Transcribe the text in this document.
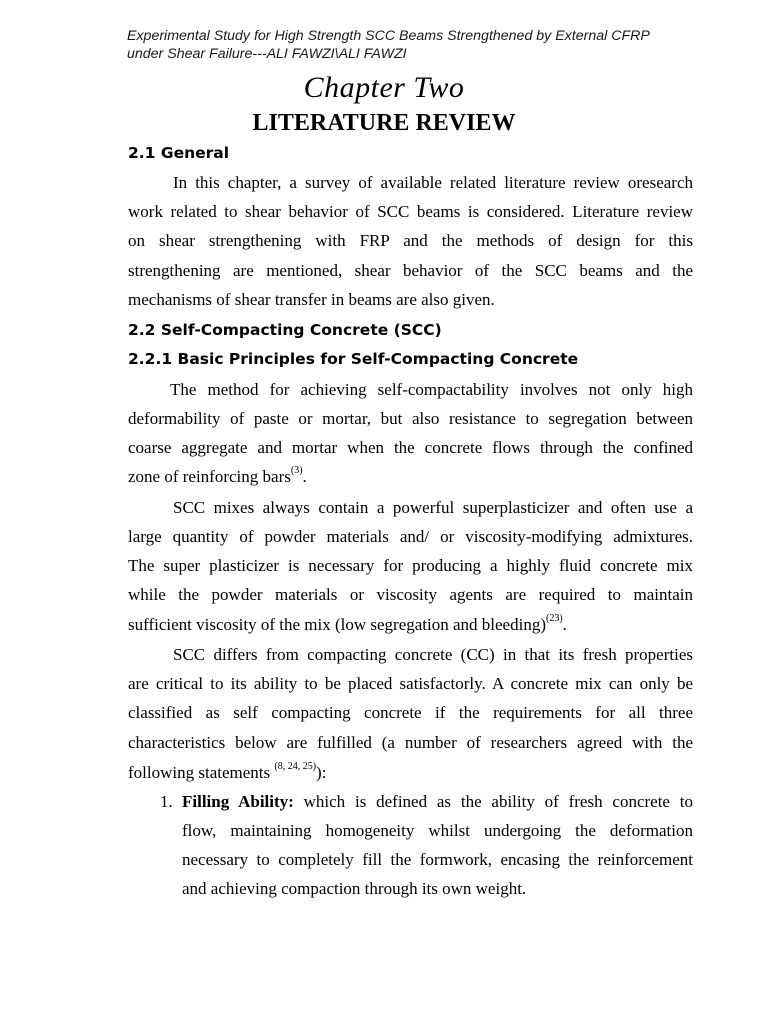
Experimental Study for High Strength SCC Beams Strengthened by External CFRP
under Shear Failure---ALI FAWZI\ALI FAWZI
Chapter Two
LITERATURE REVIEW
2.1 General
In this chapter, a survey of available related literature review oresearch
work related to shear behavior of SCC beams is considered. Literature review
on shear strengthening with FRP and the methods of design for this
strengthening are mentioned, shear behavior of the SCC beams and the
mechanisms of shear transfer in beams are also given.
2.2 Self-Compacting Concrete (SCC)
2.2.1 Basic Principles for Self-Compacting Concrete
The method for achieving self-compactability involves not only high
deformability of paste or mortar, but also resistance to segregation between
coarse aggregate and mortar when the concrete flows through the confined
zone of reinforcing bars$^{(3)}$.
SCC mixes always contain a powerful superplasticizer and often use a
large quantity of powder materials and/ or viscosity-modifying admixtures.
The super plasticizer is necessary for producing a highly fluid concrete mix
while the powder materials or viscosity agents are required to maintain
sufficient viscosity of the mix (low segregation and bleeding)$^{(23)}$.
SCC differs from compacting concrete (CC) in that its fresh properties
are critical to its ability to be placed satisfactorly. A concrete mix can only be
classified as self compacting concrete if the requirements for all three
characteristics below are fulfilled (a number of researchers agreed with the
following statements $^{(8, 24, 25)}$):
1. Filling Ability: which is defined as the ability of fresh concrete to
flow, maintaining homogeneity whilst undergoing the deformation
necessary to completely fill the formwork, encasing the reinforcement
and achieving compaction through its own weight.
